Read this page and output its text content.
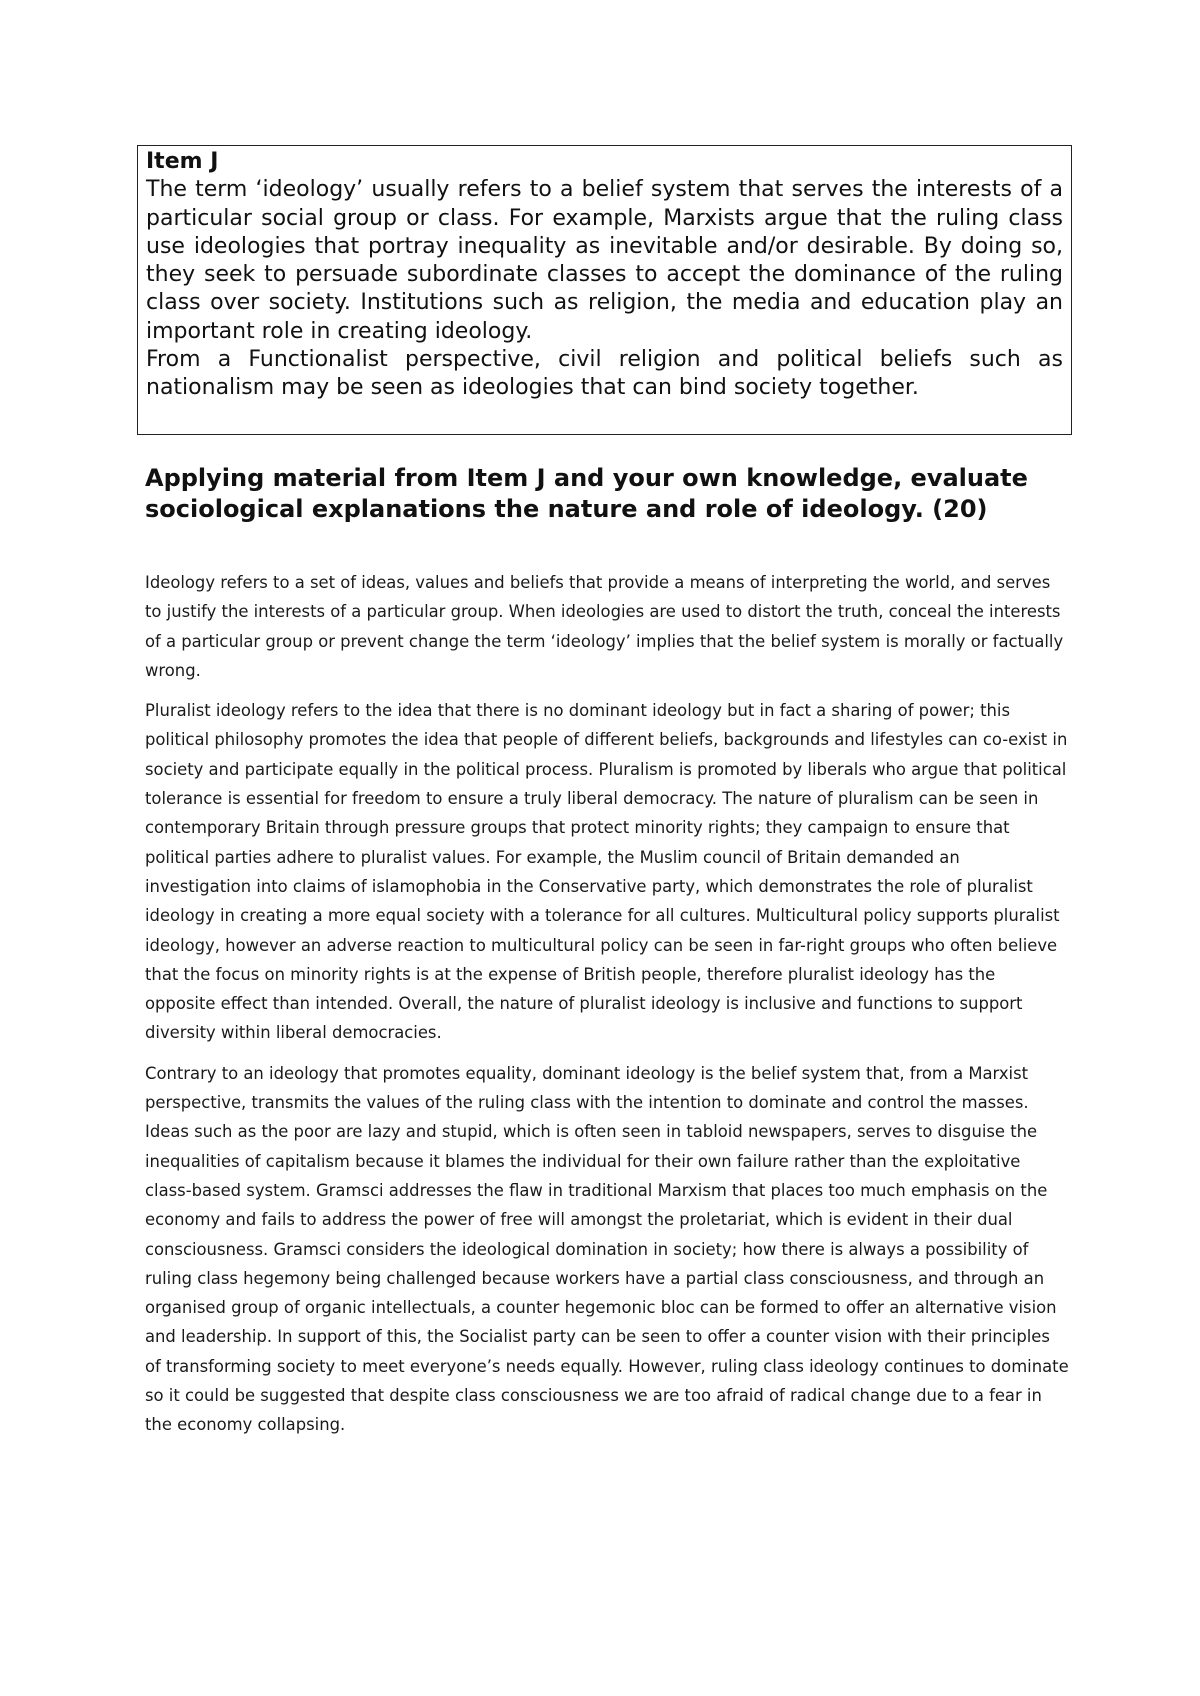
Item J

The term ‘ideology’ usually refers to a belief system that serves the interests of a particular social group or class. For example, Marxists argue that the ruling class use ideologies that portray inequality as inevitable and/or desirable. By doing so, they seek to persuade subordinate classes to accept the dominance of the ruling class over society. Institutions such as religion, the media and education play an important role in creating ideology.

From a Functionalist perspective, civil religion and political beliefs such as nationalism may be seen as ideologies that can bind society together.

Applying material from Item J and your own knowledge, evaluate sociological explanations the nature and role of ideology. (20)

Ideology refers to a set of ideas, values and beliefs that provide a means of interpreting the world, and serves to justify the interests of a particular group. When ideologies are used to distort the truth, conceal the interests of a particular group or prevent change the term ‘ideology’ implies that the belief system is morally or factually wrong.

Pluralist ideology refers to the idea that there is no dominant ideology but in fact a sharing of power; this political philosophy promotes the idea that people of different beliefs, backgrounds and lifestyles can co-exist in society and participate equally in the political process. Pluralism is promoted by liberals who argue that political tolerance is essential for freedom to ensure a truly liberal democracy. The nature of pluralism can be seen in contemporary Britain through pressure groups that protect minority rights; they campaign to ensure that political parties adhere to pluralist values. For example, the Muslim council of Britain demanded an investigation into claims of islamophobia in the Conservative party, which demonstrates the role of pluralist ideology in creating a more equal society with a tolerance for all cultures. Multicultural policy supports pluralist ideology, however an adverse reaction to multicultural policy can be seen in far-right groups who often believe that the focus on minority rights is at the expense of British people, therefore pluralist ideology has the opposite effect than intended. Overall, the nature of pluralist ideology is inclusive and functions to support diversity within liberal democracies.

Contrary to an ideology that promotes equality, dominant ideology is the belief system that, from a Marxist perspective, transmits the values of the ruling class with the intention to dominate and control the masses. Ideas such as the poor are lazy and stupid, which is often seen in tabloid newspapers, serves to disguise the inequalities of capitalism because it blames the individual for their own failure rather than the exploitative class-based system. Gramsci addresses the flaw in traditional Marxism that places too much emphasis on the economy and fails to address the power of free will amongst the proletariat, which is evident in their dual consciousness. Gramsci considers the ideological domination in society; how there is always a possibility of ruling class hegemony being challenged because workers have a partial class consciousness, and through an organised group of organic intellectuals, a counter hegemonic bloc can be formed to offer an alternative vision and leadership. In support of this, the Socialist party can be seen to offer a counter vision with their principles of transforming society to meet everyone’s needs equally. However, ruling class ideology continues to dominate so it could be suggested that despite class consciousness we are too afraid of radical change due to a fear in the economy collapsing.
